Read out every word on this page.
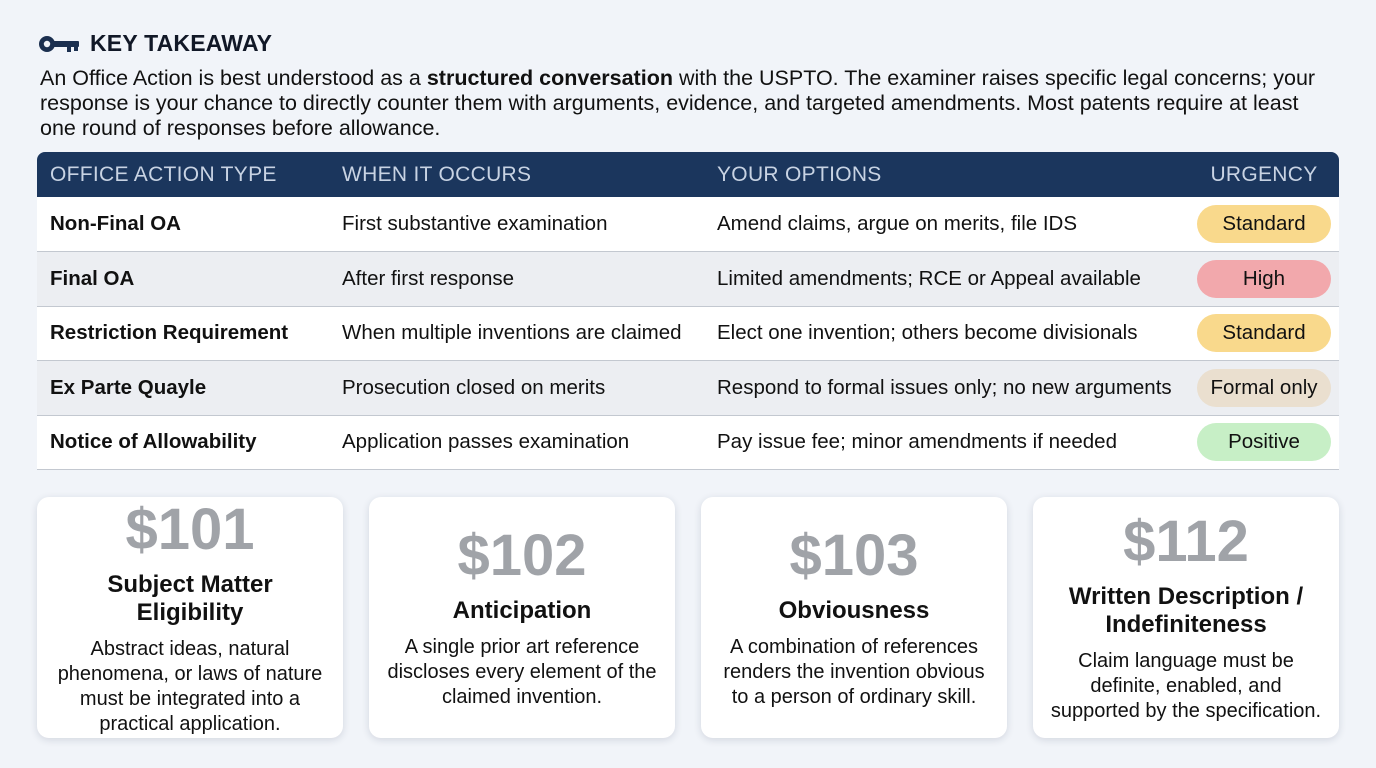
KEY TAKEAWAY

An Office Action is best understood as a structured conversation with the USPTO. The examiner raises specific legal concerns; your response is your chance to directly counter them with arguments, evidence, and targeted amendments. Most patents require at least one round of responses before allowance.

OFFICE ACTION TYPE	WHEN IT OCCURS	YOUR OPTIONS	URGENCY
Non-Final OA	First substantive examination	Amend claims, argue on merits, file IDS	Standard
Final OA	After first response	Limited amendments; RCE or Appeal available	High
Restriction Requirement	When multiple inventions are claimed	Elect one invention; others become divisionals	Standard
Ex Parte Quayle	Prosecution closed on merits	Respond to formal issues only; no new arguments	Formal only
Notice of Allowability	Application passes examination	Pay issue fee; minor amendments if needed	Positive
$101
Subject Matter Eligibility
Abstract ideas, natural phenomena, or laws of nature must be integrated into a practical application.
$102
Anticipation
A single prior art reference discloses every element of the claimed invention.
$103
Obviousness
A combination of references renders the invention obvious to a person of ordinary skill.
$112
Written Description / Indefiniteness
Claim language must be definite, enabled, and supported by the specification.
